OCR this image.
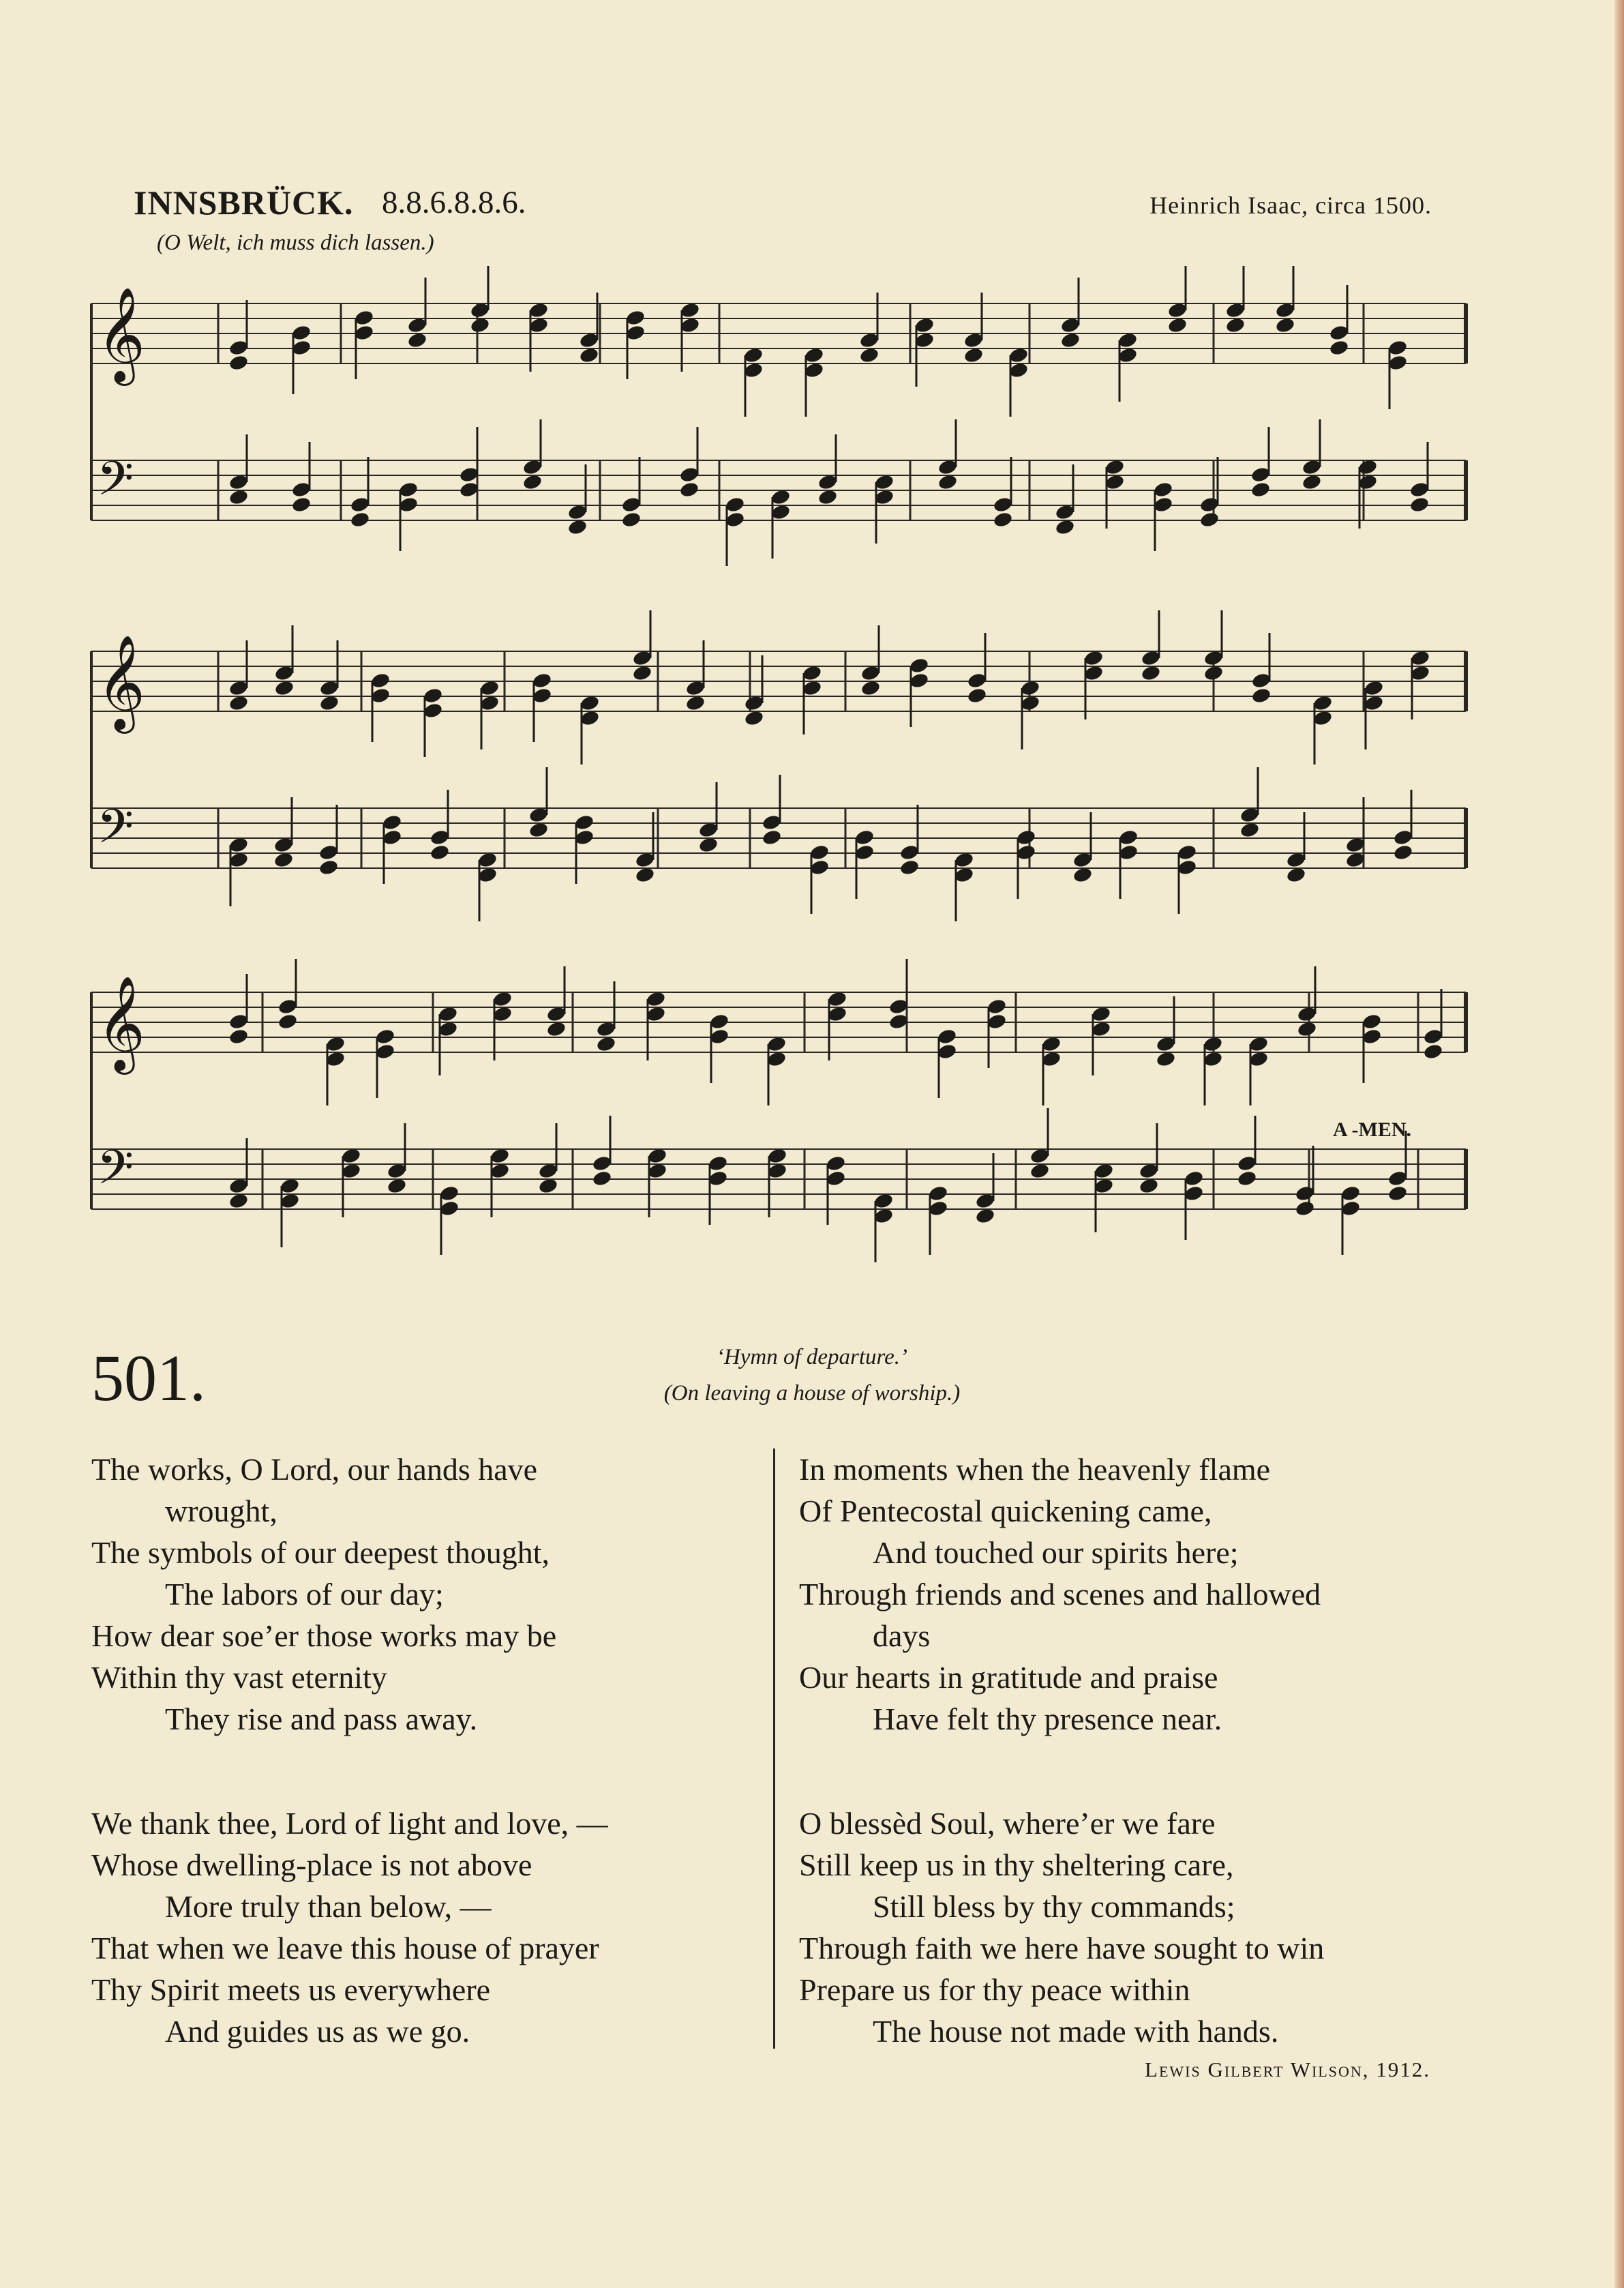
INNSBRÜCK. 8.8.6.8.8.6.	Heinrich Isaac, circa 1500.
(O Welt, ich muss dich lassen.)
𝄞
𝄢
𝄞
𝄢
𝄞
𝄢
A -MEN.
501.	‘Hymn of departure.’
(On leaving a house of worship.)
The works, O Lord, our hands have
wrought,
The symbols of our deepest thought,
The labors of our day;
How dear soe’er those works may be
Within thy vast eternity
They rise and pass away.
We thank thee, Lord of light and love, —
Whose dwelling-place is not above
More truly than below, —
That when we leave this house of prayer
Thy Spirit meets us everywhere
And guides us as we go.
In moments when the heavenly flame
Of Pentecostal quickening came,
And touched our spirits here;
Through friends and scenes and hallowed
days
Our hearts in gratitude and praise
Have felt thy presence near.
O blessèd Soul, where’er we fare
Still keep us in thy sheltering care,
Still bless by thy commands;
Through faith we here have sought to win
Prepare us for thy peace within
The house not made with hands.
Lewis Gilbert Wilson, 1912.
